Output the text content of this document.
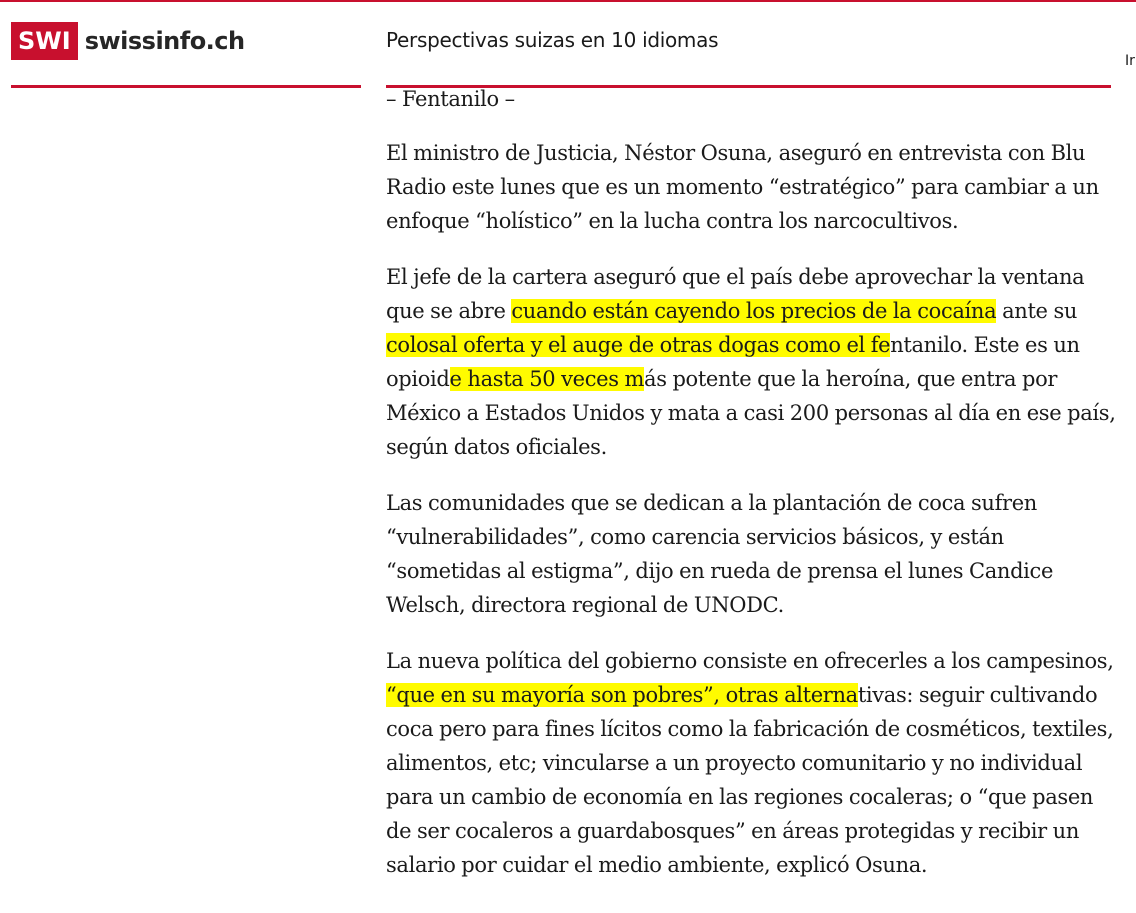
SWI swissinfo.ch	Perspectivas suizas en 10 idiomas
Ir
– Fentanilo –

El ministro de Justicia, Néstor Osuna, aseguró en entrevista con Blu Radio este lunes que es un momento “estratégico” para cambiar a un enfoque “holístico” en la lucha contra los narcocultivos.

El jefe de la cartera aseguró que el país debe aprovechar la ventana que se abre cuando están cayendo los precios de la cocaína ante su colosal oferta y el auge de otras dogas como el fentanilo. Este es un opioide hasta 50 veces más potente que la heroína, que entra por México a Estados Unidos y mata a casi 200 personas al día en ese país, según datos oficiales.

Las comunidades que se dedican a la plantación de coca sufren “vulnerabilidades”, como carencia servicios básicos, y están “sometidas al estigma”, dijo en rueda de prensa el lunes Candice Welsch, directora regional de UNODC.

La nueva política del gobierno consiste en ofrecerles a los campesinos, “que en su mayoría son pobres”, otras alternativas: seguir cultivando coca pero para fines lícitos como la fabricación de cosméticos, textiles, alimentos, etc; vincularse a un proyecto comunitario y no individual para un cambio de economía en las regiones cocaleras; o “que pasen de ser cocaleros a guardabosques” en áreas protegidas y recibir un salario por cuidar el medio ambiente, explicó Osuna.
